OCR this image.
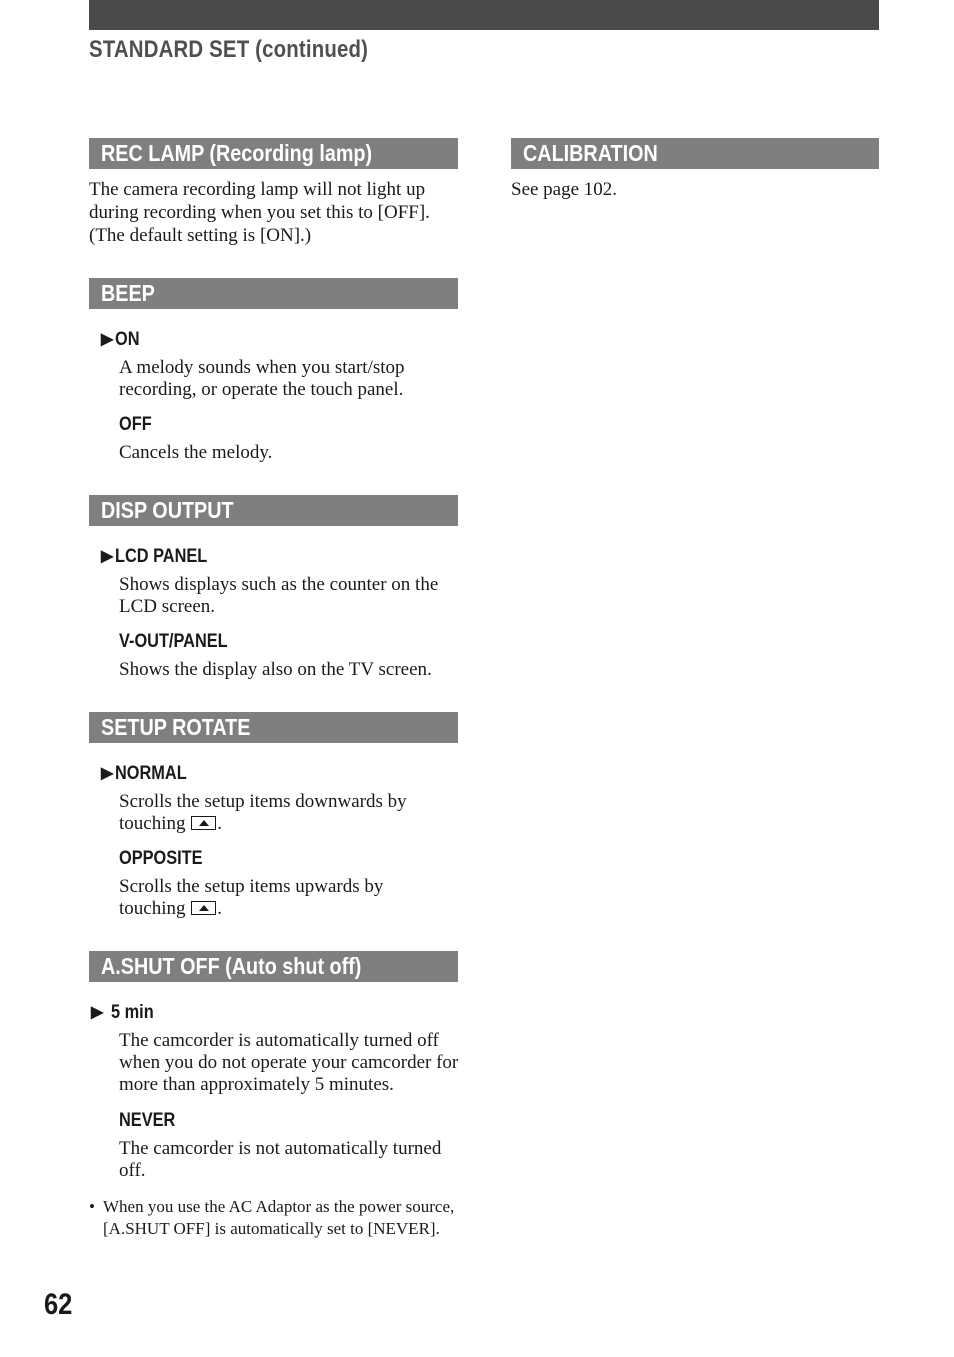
STANDARD SET (continued)
REC LAMP (Recording lamp)

The camera recording lamp will not light up during recording when you set this to [OFF]. (The default setting is [ON].)

BEEP

▶ ON

A melody sounds when you start/stop recording, or operate the touch panel.

OFF

Cancels the melody.

DISP OUTPUT

▶ LCD PANEL

Shows displays such as the counter on the LCD screen.

V-OUT/PANEL

Shows the display also on the TV screen.

SETUP ROTATE

▶ NORMAL

Scrolls the setup items downwards by
touching .

OPPOSITE

Scrolls the setup items upwards by
touching .

A.SHUT OFF (Auto shut off)

▶ 5 min

The camcorder is automatically turned off when you do not operate your camcorder for more than approximately 5 minutes.

NEVER

The camcorder is not automatically turned off.

• When you use the AC Adaptor as the power source, [A.SHUT OFF] is automatically set to [NEVER].

CALIBRATION

See page 102.

62
